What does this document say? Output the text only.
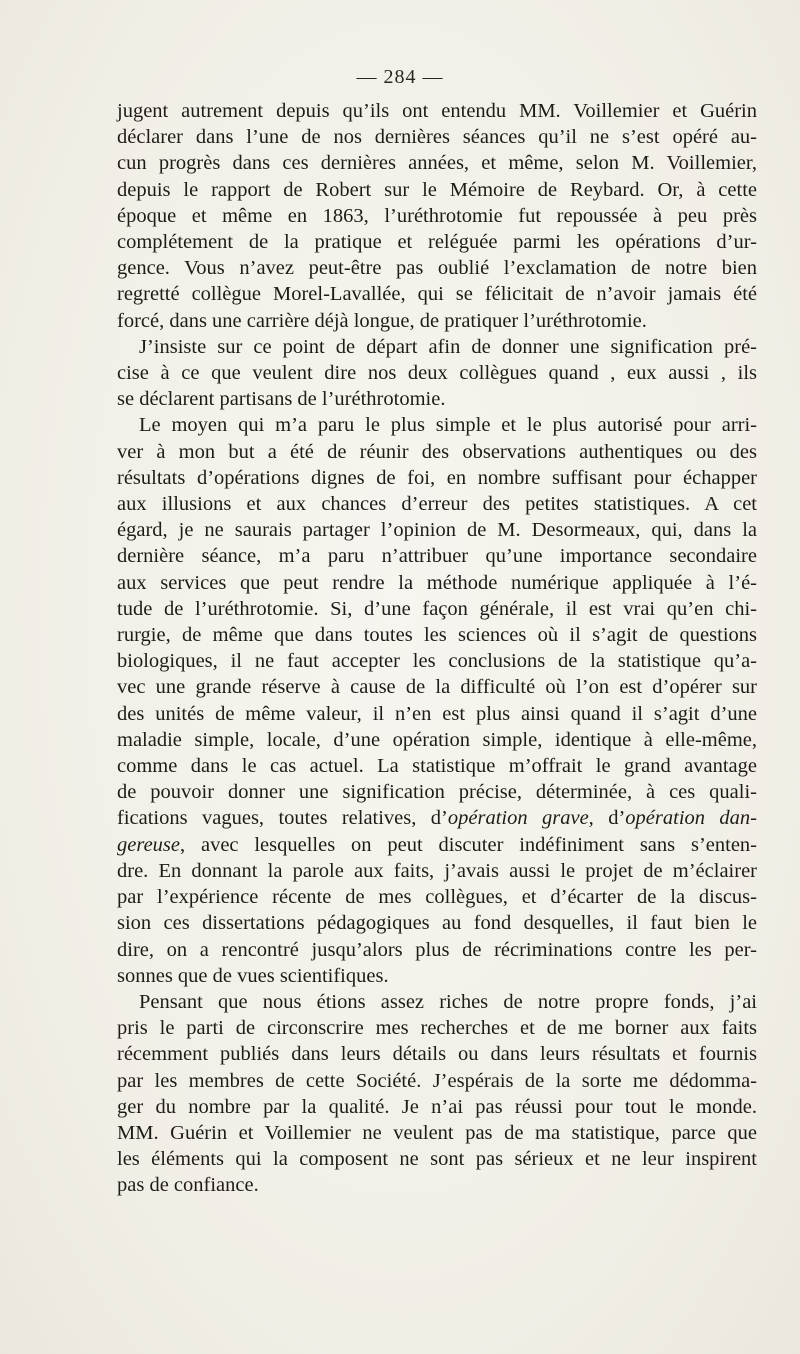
— 284 —
jugent autrement depuis qu’ils ont entendu MM. Voillemier et Guérin
déclarer dans l’une de nos dernières séances qu’il ne s’est opéré au-
cun progrès dans ces dernières années, et même, selon M. Voillemier,
depuis le rapport de Robert sur le Mémoire de Reybard. Or, à cette
époque et même en 1863, l’uréthrotomie fut repoussée à peu près
complétement de la pratique et reléguée parmi les opérations d’ur-
gence. Vous n’avez peut-être pas oublié l’exclamation de notre bien
regretté collègue Morel-Lavallée, qui se félicitait de n’avoir jamais été
forcé, dans une carrière déjà longue, de pratiquer l’uréthrotomie.
J’insiste sur ce point de départ afin de donner une signification pré-
cise à ce que veulent dire nos deux collègues quand , eux aussi , ils
se déclarent partisans de l’uréthrotomie.
Le moyen qui m’a paru le plus simple et le plus autorisé pour arri-
ver à mon but a été de réunir des observations authentiques ou des
résultats d’opérations dignes de foi, en nombre suffisant pour échapper
aux illusions et aux chances d’erreur des petites statistiques. A cet
égard, je ne saurais partager l’opinion de M. Desormeaux, qui, dans la
dernière séance, m’a paru n’attribuer qu’une importance secondaire
aux services que peut rendre la méthode numérique appliquée à l’é-
tude de l’uréthrotomie. Si, d’une façon générale, il est vrai qu’en chi-
rurgie, de même que dans toutes les sciences où il s’agit de questions
biologiques, il ne faut accepter les conclusions de la statistique qu’a-
vec une grande réserve à cause de la difficulté où l’on est d’opérer sur
des unités de même valeur, il n’en est plus ainsi quand il s’agit d’une
maladie simple, locale, d’une opération simple, identique à elle-même,
comme dans le cas actuel. La statistique m’offrait le grand avantage
de pouvoir donner une signification précise, déterminée, à ces quali-
fications vagues, toutes relatives, d’opération grave, d’opération dan-
gereuse, avec lesquelles on peut discuter indéfiniment sans s’enten-
dre. En donnant la parole aux faits, j’avais aussi le projet de m’éclairer
par l’expérience récente de mes collègues, et d’écarter de la discus-
sion ces dissertations pédagogiques au fond desquelles, il faut bien le
dire, on a rencontré jusqu’alors plus de récriminations contre les per-
sonnes que de vues scientifiques.
Pensant que nous étions assez riches de notre propre fonds, j’ai
pris le parti de circonscrire mes recherches et de me borner aux faits
récemment publiés dans leurs détails ou dans leurs résultats et fournis
par les membres de cette Société. J’espérais de la sorte me dédomma-
ger du nombre par la qualité. Je n’ai pas réussi pour tout le monde.
MM. Guérin et Voillemier ne veulent pas de ma statistique, parce que
les éléments qui la composent ne sont pas sérieux et ne leur inspirent
pas de confiance.
